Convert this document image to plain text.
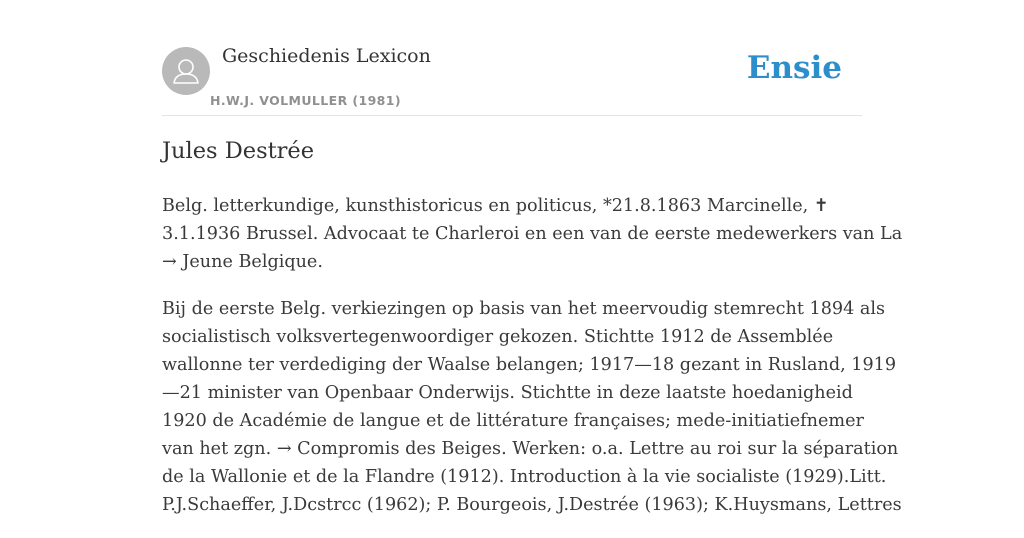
Geschiedenis Lexicon
H.W.J. VOLMULLER (1981)
Ensie
Jules Destrée

Belg. letterkundige, kunsthistoricus en politicus, *21.8.1863 Marcinelle, ✝
3.1.1936 Brussel. Advocaat te Charleroi en een van de eerste medewerkers van La
→ Jeune Belgique.

Bij de eerste Belg. verkiezingen op basis van het meervoudig stemrecht 1894 als
socialistisch volksvertegenwoordiger gekozen. Stichtte 1912 de Assemblée
wallonne ter verdediging der Waalse belangen; 1917—18 gezant in Rusland, 1919
—21 minister van Openbaar Onderwijs. Stichtte in deze laatste hoedanigheid
1920 de Académie de langue et de littérature françaises; mede-initiatiefnemer
van het zgn. → Compromis des Beiges. Werken: o.a. Lettre au roi sur la séparation
de la Wallonie et de la Flandre (1912). Introduction à la vie socialiste (1929).Litt.
P.J.Schaeffer, J.Dcstrcc (1962); P. Bourgeois, J.Destrée (1963); K.Huysmans, Lettres
